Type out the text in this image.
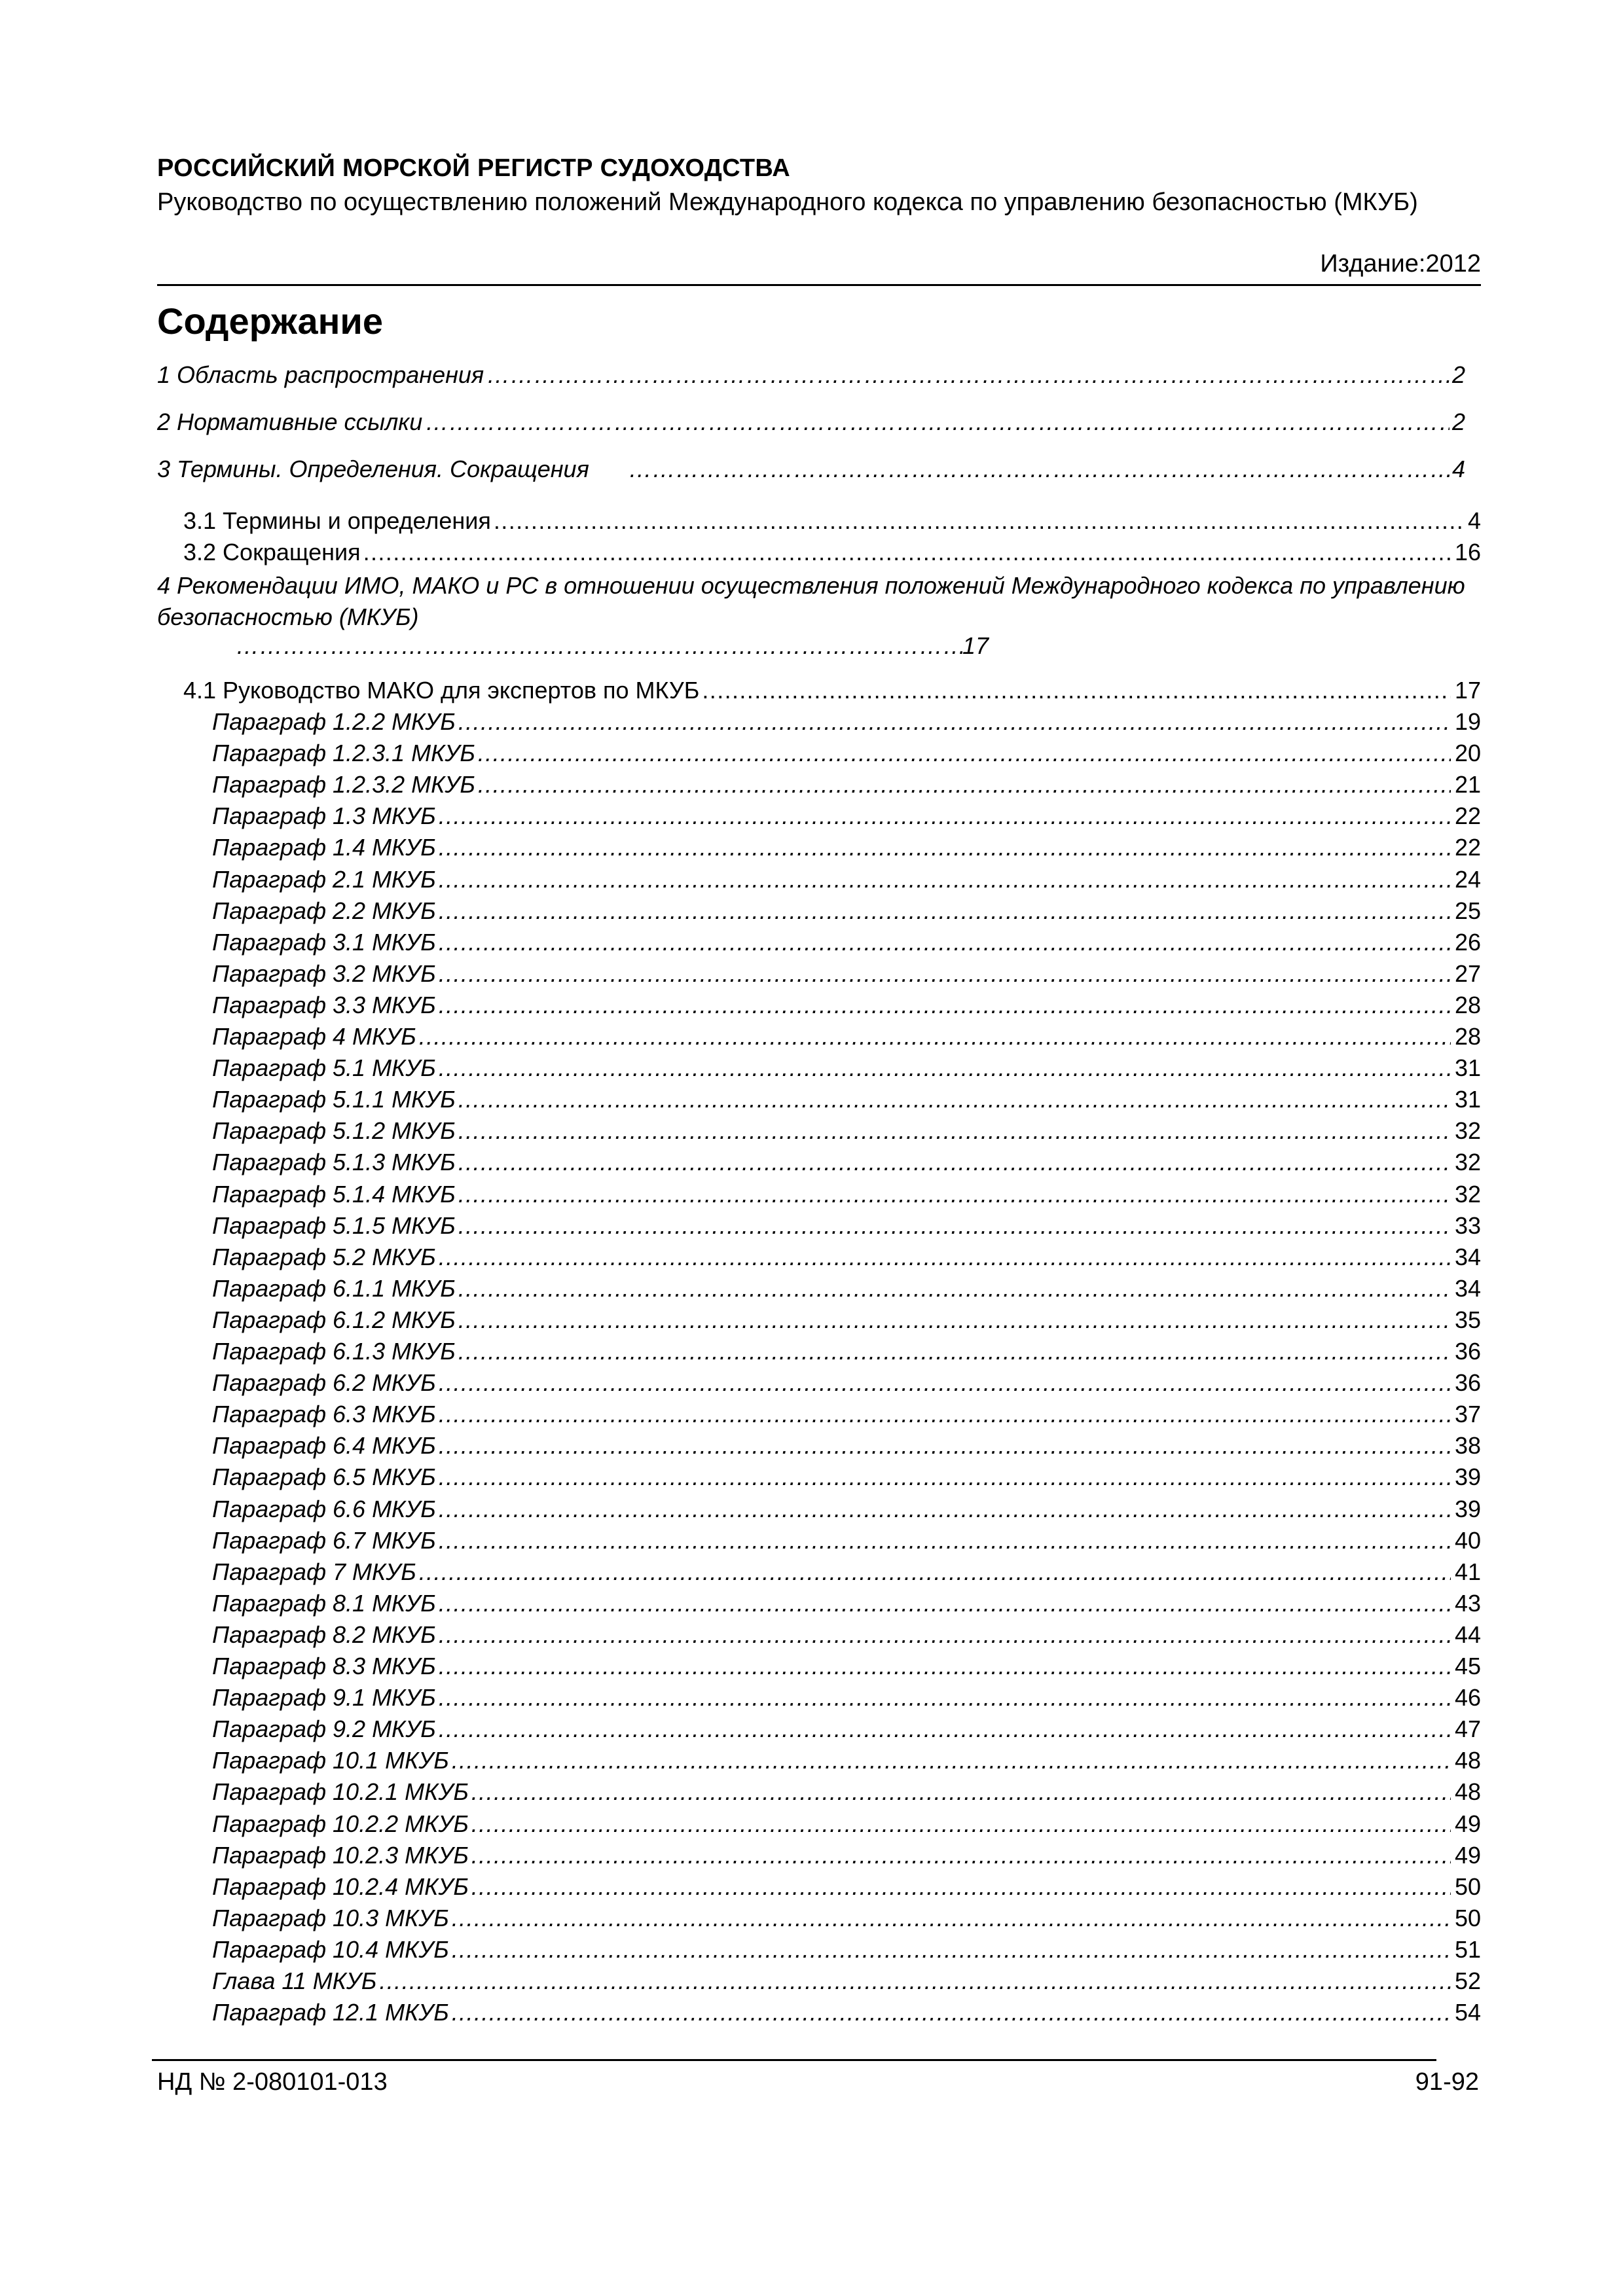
РОССИЙСКИЙ МОРСКОЙ РЕГИСТР СУДОХОДСТВА
Руководство по осуществлению положений Международного кодекса по управлению безопасностью (МКУБ)
Издание:2012
Содержание
1 Область распространения ……………………………………………………………………………………………………………………………………………………………………………………	2
2 Нормативные ссылки ……………………………………………………………………………………………………………………………………………………………………………………	2
3 Термины. Определения. Сокращения ……………………………………………………………………………………………………………………………………………………………………………………	4
3.1 Термины и определения .....	4
3.2 Сокращения .....	16
4 Рекомендации ИМО, МАКО и РС в отношении осуществления положений Международного кодекса по управлению безопасностью (МКУБ)
……………………………………………………………………………………………………………………17
4.1 Руководство МАКО для экспертов по МКУБ .....	17
Параграф 1.2.2 МКУБ .....	19
Параграф 1.2.3.1 МКУБ .....	20
Параграф 1.2.3.2 МКУБ .....	21
Параграф 1.3 МКУБ .....	22
Параграф 1.4 МКУБ .....	22
Параграф 2.1 МКУБ .....	24
Параграф 2.2 МКУБ .....	25
Параграф 3.1 МКУБ .....	26
Параграф 3.2 МКУБ .....	27
Параграф 3.3 МКУБ .....	28
Параграф 4 МКУБ .....	28
Параграф 5.1 МКУБ .....	31
Параграф 5.1.1 МКУБ .....	31
Параграф 5.1.2 МКУБ .....	32
Параграф 5.1.3 МКУБ .....	32
Параграф 5.1.4 МКУБ .....	32
Параграф 5.1.5 МКУБ .....	33
Параграф 5.2 МКУБ .....	34
Параграф 6.1.1 МКУБ .....	34
Параграф 6.1.2 МКУБ .....	35
Параграф 6.1.3 МКУБ .....	36
Параграф 6.2 МКУБ .....	36
Параграф 6.3 МКУБ .....	37
Параграф 6.4 МКУБ .....	38
Параграф 6.5 МКУБ .....	39
Параграф 6.6 МКУБ .....	39
Параграф 6.7 МКУБ .....	40
Параграф 7 МКУБ .....	41
Параграф 8.1 МКУБ .....	43
Параграф 8.2 МКУБ .....	44
Параграф 8.3 МКУБ .....	45
Параграф 9.1 МКУБ .....	46
Параграф 9.2 МКУБ .....	47
Параграф 10.1 МКУБ .....	48
Параграф 10.2.1 МКУБ .....	48
Параграф 10.2.2 МКУБ .....	49
Параграф 10.2.3 МКУБ .....	49
Параграф 10.2.4 МКУБ .....	50
Параграф 10.3 МКУБ .....	50
Параграф 10.4 МКУБ .....	51
Глава 11 МКУБ .....	52
Параграф 12.1 МКУБ .....	54
НД № 2-080101-013	91-92
